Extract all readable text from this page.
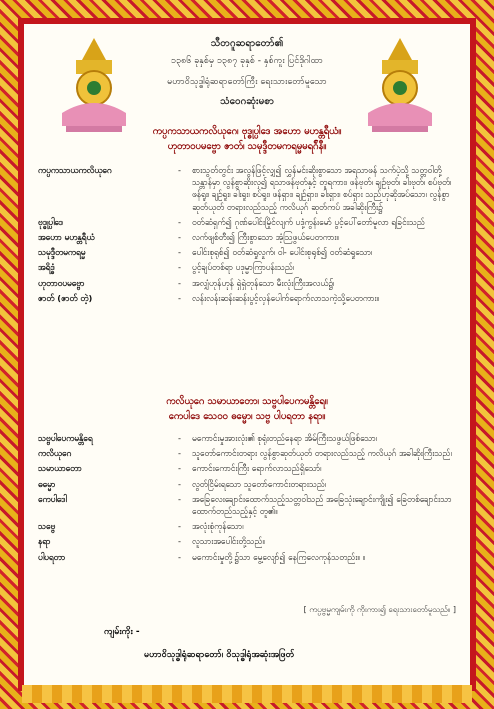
သီတဂူဆရာတော်၏
၁၃၈၆ ခုနှစ်မှ ၁၃၈၇ ခုနှစ် - နှစ်ကူး ပြင်ဒိုဂါထာ
မဟာဝိသုဒ္ဓါရုံဆရာတော်ကြီး ရေးသားတော်မူသော
သံဝေဂဆုံးမစာ
ကပ္ပကသာယကလိယုဂေ၊ ဗုဒ္ဓုပ္ပါဒေ အဟော မဟန္တရီယံ။
ဟုတာဝပမဗ္ဗော ဇာတ်၊ သမုဒ္ဒီတမကရမ္မမရဂ်ိနီ။
ကပ္ပကသာယကလိယုဂေ	-	စားသွတ်တွင်း အလွန်ဖြင့်လျှ၍ လွှန်မင်းဆိုးစွာသော အရသာဖန် သက်ပဲ့သို့ သတ္တဝါတို့သန္တာန်မှာ လွန်စွာဆိုးလှ၍ ရသာဖန်ဗုတ်နှင့် တူရကား၊ ဖန်ဗုတ်၊ ချဉ်ဗုတ်၊ ခါးဗုတ်၊ စပ်ဗုတ်၊ ဖန်ရူး၊ ချဉ်ရူး၊ ခါးရူး၊ စပ်ရူး၊ ဖန်ရှား၊ ချဉ်ရှား၊ ခါးရှား၊ စပ်ရှား သည်ဟုဆိုအပ်သော၊ လွန်စွာဆုတ်ယုတ် တရားလည်သည့် ကလိယုဂ် ဆုတ်ကပ် အခါဆိုးကြီး၌
ဗုဒ္ဓုပ္ပါဒေ	-	ဝတ်ဆံရှက်၍ ဂုဏ်ပေါင်းမြိုင်လျက် ပဒုံ့ကွန်းမော် ပွင့်ပေါ်တော်မူလာ ရခြင်းသည်
အဟော မဟန္တရီယံ	-	လက်ဖျစ်တီး၍ ကြီးစွာသော အံ့ဩဖွယ်ပေတကား။
သမုဒ္ဒီတမကရမ္မ	-	ပေါင်းစုရုစ်၍ ဝတ်ဆံရှုလှုက်၊ ဝါ- ပေါင်းစုရုစ်၍ ဝတ်ဆံရှုသော၊
အရိဒ္ဓံ	-	ပွင့်ချပ်တစ်ရာ ပဒုမ္မာကြာပန်းသည်၊
ဟုတာဝပမဗ္ဗော	-	အလျှံဟုန်ဟုန် ရှဲရှဲတုန်သော မီးလုံးကြီးအလယ်၌၊
ဇာတ် (ဇာတ် တဲ့)	-	လန်းလန်းဆန်းဆန်းပွင့်လှန်ပေါက်ရောက်လာသကဲ့သို့ပေတကား။
ကလိယုဂေ သမာယာတော၊ သဗ္ဗပါပေကမန္တိရေ။
ကေပါဒေ သေဝဝ ဓမ္မော၊ သဗ္ဗ ပါပရတာ နရာ။
သဗ္ဗပါပေကမန္တိရေ	-	မကောင်းမှုအားလုံး၏ စုရုံးတည်နေရာ အိမ်ကြီးသဖွယ်ဖြစ်သော၊
ကလိယုဂေ	-	သူတော်ကောင်းတရား လွန်စွာဆုတ်ယုတ် တရားလည်သည့် ကလိယုဂ် အခါဆိုးကြီးသည်၊
သမာယာတော	-	ကောင်းကောင်းကြီး ရောက်လာသည်ရှိသော်၊
ဓမ္မော	-	လွတ်ငြိမ်းရသော သူတော်ကောင်းတရားသည်၊
ကေပါဒေါ	-	အခြေလေးချောင်းထောက်သည့်သတ္တဝါသည် အခြေသုံးချောင်းကျိုး၍ ခြေတစ်ချောင်းသာ ထောက်တည်သည့်နှင့် တူ၏။
သဗ္ဗေ	-	အလုံးစုံကုန်သော၊
နရာ	-	လူသားအပေါင်းတို့သည်။
ပါပရတာ	-	မကောင်းမှုတို့၌သာ မွေ့လျော်၍ နေကြလေကုန်သတည်း။ ။
[ ကပ္ပဗ္ဗမ္မကျမ်းကို ကိုးကား၍ ရေးသားတော်မူသည်။ ]
ကျမ်းကိုး -
မဟာဝိသုဒ္ဓါရုံဆရာတော်၊ ဝိသုဒ္ဓါရုံအဆုံးအဖြတ်
